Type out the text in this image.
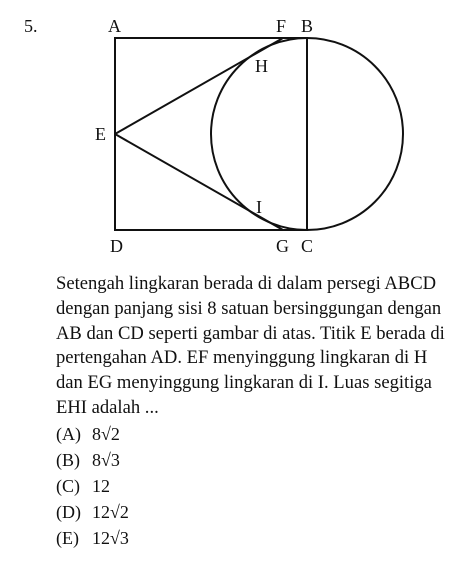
5.	A	F B
H
E
I
D	G C

Setengah lingkaran berada di dalam persegi ABCD dengan panjang sisi 8 satuan bersinggungan dengan AB dan CD seperti gambar di atas. Titik E berada di pertengahan AD. EF menyinggung lingkaran di H dan EG menyinggung lingkaran di I. Luas segitiga EHI adalah ...

(A) 8√2
(B) 8√3
(C) 12
(D) 12√2
(E) 12√3
